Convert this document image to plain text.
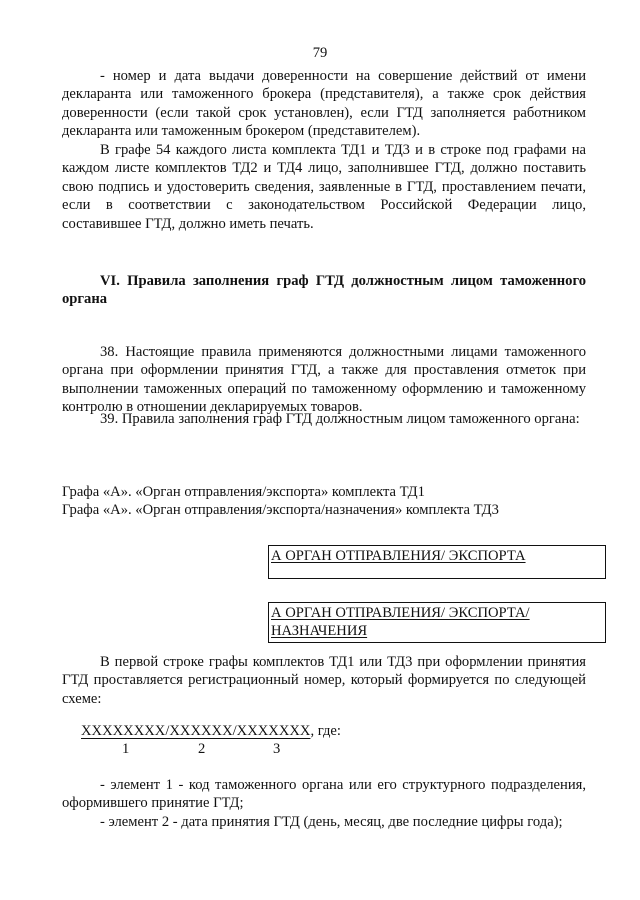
79

- номер и дата выдачи доверенности на совершение действий от имени декларанта или таможенного брокера (представителя), а также срок действия доверенности (если такой срок установлен), если ГТД заполняется работником декларанта или таможенным брокером (представителем).

В графе 54 каждого листа комплекта ТД1 и ТД3 и в строке под графами на каждом листе комплектов ТД2 и ТД4 лицо, заполнившее ГТД, должно поставить свою подпись и удостоверить сведения, заявленные в ГТД, проставлением печати, если в соответствии с законодательством Российской Федерации лицо, составившее ГТД, должно иметь печать.

VI. Правила заполнения граф ГТД должностным лицом таможенного органа

38. Настоящие правила применяются должностными лицами таможенного органа при оформлении принятия ГТД, а также для проставления отметок при выполнении таможенных операций по таможенному оформлению и таможенному контролю в отношении декларируемых товаров.

39. Правила заполнения граф ГТД должностным лицом таможенного органа:

Графа «А». «Орган отправления/экспорта» комплекта ТД1
Графа «А». «Орган отправления/экспорта/назначения» комплекта ТД3
А ОРГАН ОТПРАВЛЕНИЯ/ ЭКСПОРТА
А ОРГАН ОТПРАВЛЕНИЯ/ ЭКСПОРТА/
НАЗНАЧЕНИЯ

В первой строке графы комплектов ТД1 или ТД3 при оформлении принятия ГТД проставляется регистрационный номер, который формируется по следующей схеме:

XXXXXXXX/XXXXXX/XXXXXXX, где:
1	2	3
- элемент 1 - код таможенного органа или его структурного подразделения, оформившего принятие ГТД;
- элемент 2 - дата принятия ГТД (день, месяц, две последние цифры года);
